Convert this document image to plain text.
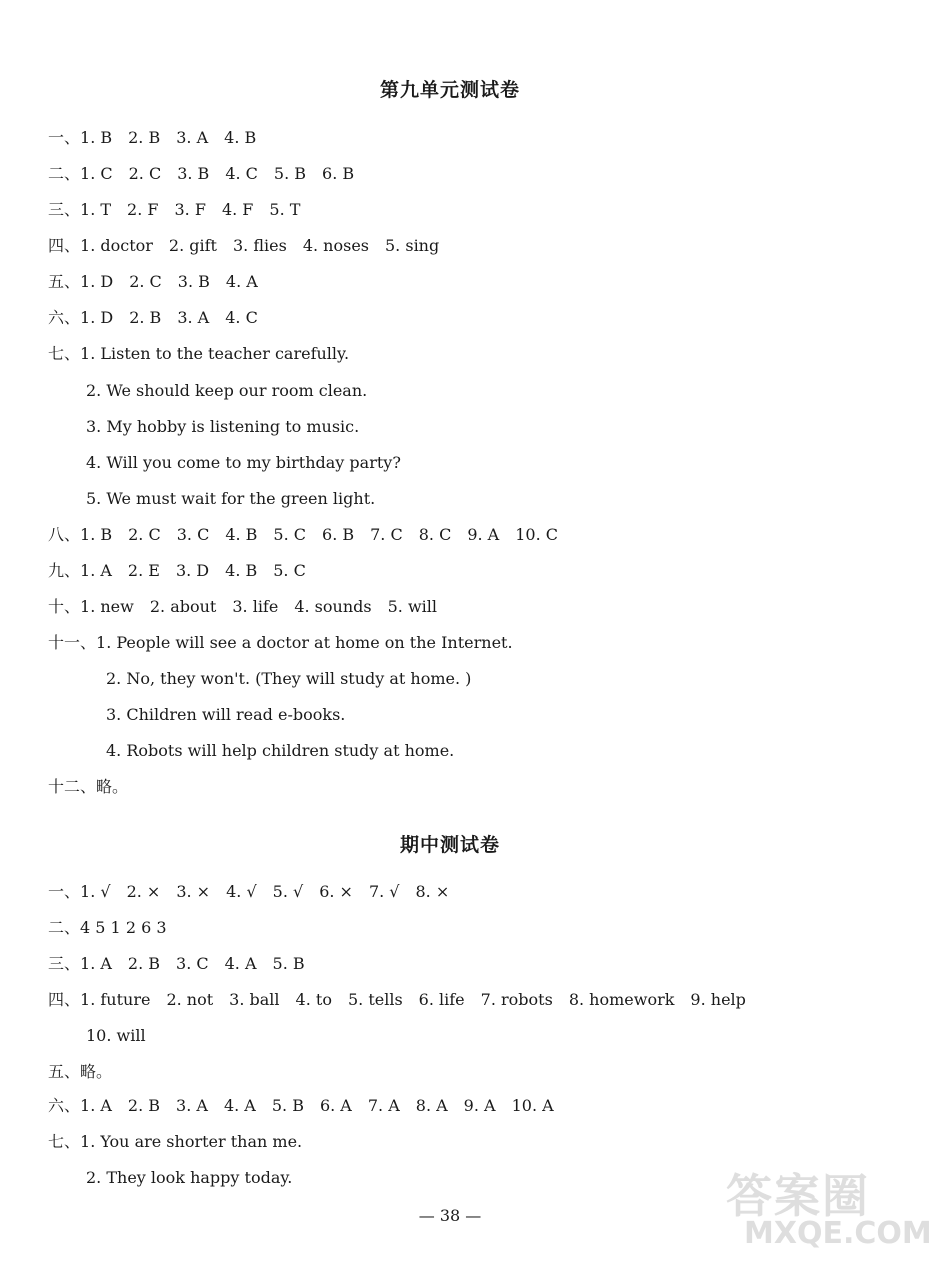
第九单元测试卷
一、1. B 2. B 3. A 4. B
二、1. C 2. C 3. B 4. C 5. B 6. B
三、1. T 2. F 3. F 4. F 5. T
四、1. doctor 2. gift 3. flies 4. noses 5. sing
五、1. D 2. C 3. B 4. A
六、1. D 2. B 3. A 4. C
七、1. Listen to the teacher carefully.
2. We should keep our room clean.
3. My hobby is listening to music.
4. Will you come to my birthday party?
5. We must wait for the green light.
八、1. B 2. C 3. C 4. B 5. C 6. B 7. C 8. C 9. A 10. C
九、1. A 2. E 3. D 4. B 5. C
十、1. new 2. about 3. life 4. sounds 5. will
十一、1. People will see a doctor at home on the Internet.
2. No, they won't. (They will study at home. )
3. Children will read e-books.
4. Robots will help children study at home.
十二、略。
期中测试卷
一、1. √ 2. × 3. × 4. √ 5. √ 6. × 7. √ 8. ×
二、4 5 1 2 6 3
三、1. A 2. B 3. C 4. A 5. B
四、1. future 2. not 3. ball 4. to 5. tells 6. life 7. robots 8. homework 9. help
10. will
五、略。
六、1. A 2. B 3. A 4. A 5. B 6. A 7. A 8. A 9. A 10. A
七、1. You are shorter than me.
2. They look happy today.
— 38 —	答案圈
MXQE.COM
